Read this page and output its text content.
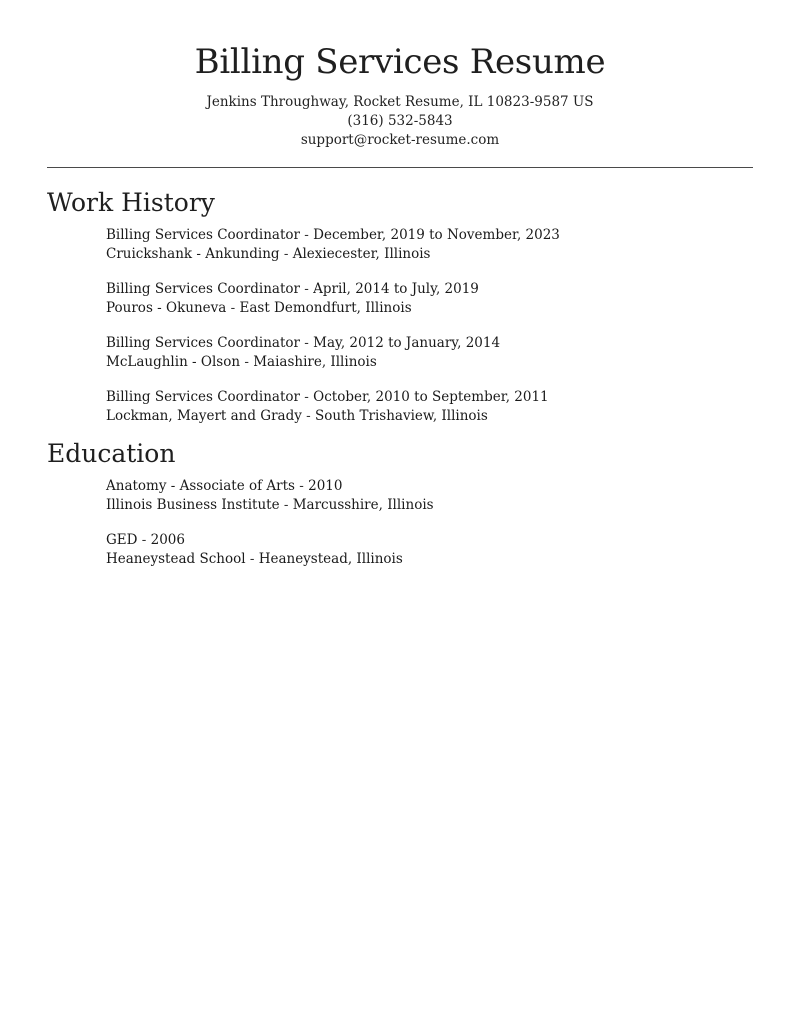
Billing Services Resume
Jenkins Throughway, Rocket Resume, IL 10823-9587 US
(316) 532-5843
support@rocket-resume.com
Work History
Billing Services Coordinator - December, 2019 to November, 2023
Cruickshank - Ankunding - Alexiecester, Illinois
Billing Services Coordinator - April, 2014 to July, 2019
Pouros - Okuneva - East Demondfurt, Illinois
Billing Services Coordinator - May, 2012 to January, 2014
McLaughlin - Olson - Maiashire, Illinois
Billing Services Coordinator - October, 2010 to September, 2011
Lockman, Mayert and Grady - South Trishaview, Illinois
Education
Anatomy - Associate of Arts - 2010
Illinois Business Institute - Marcusshire, Illinois
GED - 2006
Heaneystead School - Heaneystead, Illinois
